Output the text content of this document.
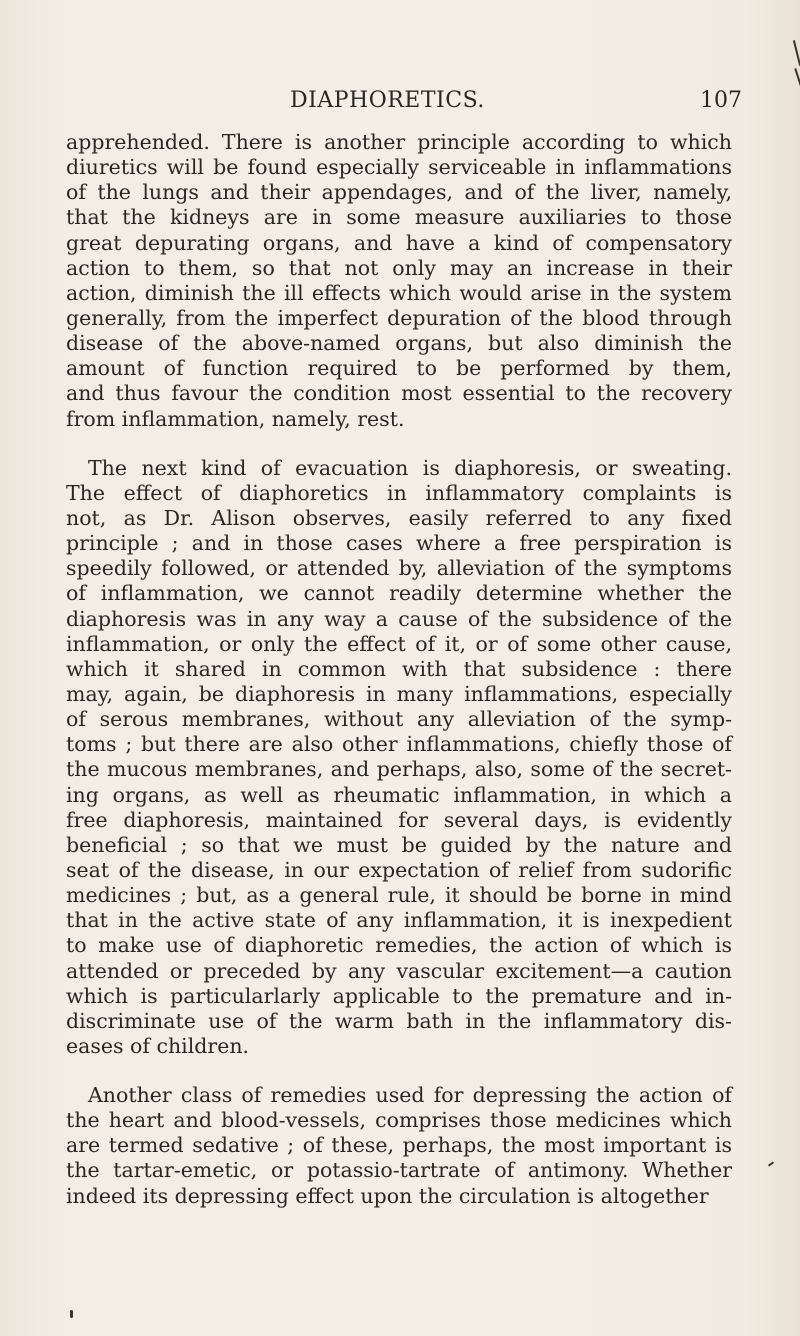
DIAPHORETICS.	107
apprehended. There is another principle according to which
diuretics will be found especially serviceable in inflammations
of the lungs and their appendages, and of the liver, namely,
that the kidneys are in some measure auxiliaries to those
great depurating organs, and have a kind of compensatory
action to them, so that not only may an increase in their
action, diminish the ill effects which would arise in the system
generally, from the imperfect depuration of the blood through
disease of the above-named organs, but also diminish the
amount of function required to be performed by them,
and thus favour the condition most essential to the recovery
from inflammation, namely, rest.
The next kind of evacuation is diaphoresis, or sweating.
The effect of diaphoretics in inflammatory complaints is
not, as Dr. Alison observes, easily referred to any fixed
principle ; and in those cases where a free perspiration is
speedily followed, or attended by, alleviation of the symptoms
of inflammation, we cannot readily determine whether the
diaphoresis was in any way a cause of the subsidence of the
inflammation, or only the effect of it, or of some other cause,
which it shared in common with that subsidence : there
may, again, be diaphoresis in many inflammations, especially
of serous membranes, without any alleviation of the symp-
toms ; but there are also other inflammations, chiefly those of
the mucous membranes, and perhaps, also, some of the secret-
ing organs, as well as rheumatic inflammation, in which a
free diaphoresis, maintained for several days, is evidently
beneficial ; so that we must be guided by the nature and
seat of the disease, in our expectation of relief from sudorific
medicines ; but, as a general rule, it should be borne in mind
that in the active state of any inflammation, it is inexpedient
to make use of diaphoretic remedies, the action of which is
attended or preceded by any vascular excitement—a caution
which is particularlarly applicable to the premature and in-
discriminate use of the warm bath in the inflammatory dis-
eases of children.
Another class of remedies used for depressing the action of
the heart and blood-vessels, comprises those medicines which
are termed sedative ; of these, perhaps, the most important is
the tartar-emetic, or potassio-tartrate of antimony. Whether
indeed its depressing effect upon the circulation is altogether
